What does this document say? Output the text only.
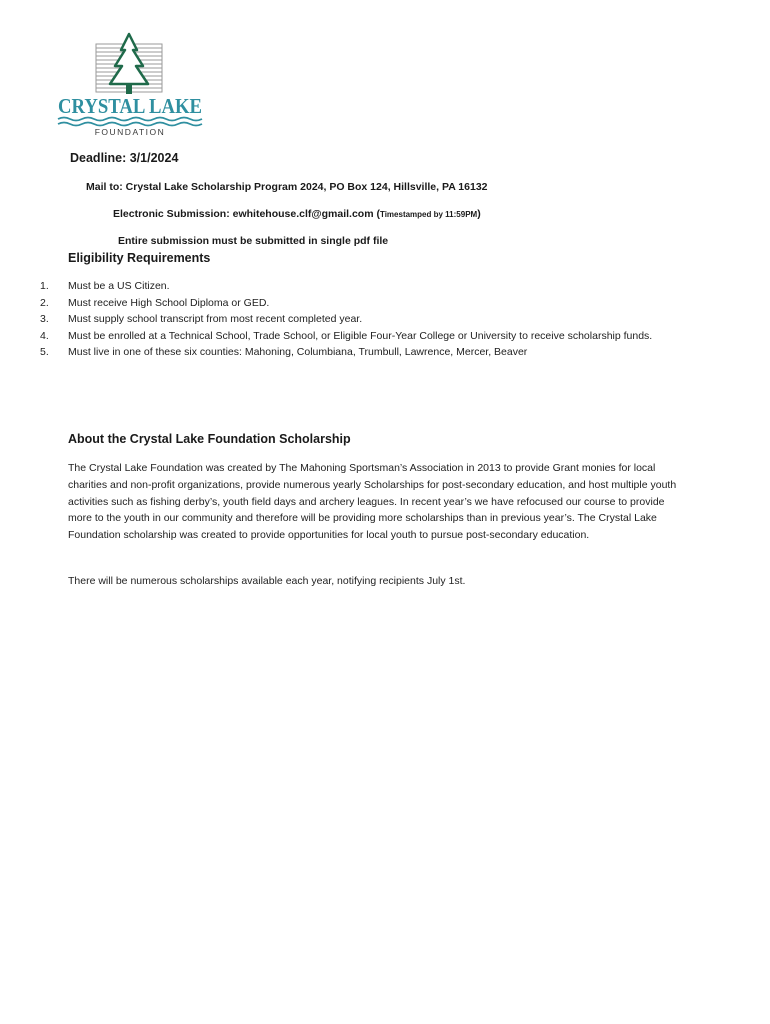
CRYSTAL LAKE
FOUNDATION
Deadline: 3/1/2024
Mail to: Crystal Lake Scholarship Program 2024, PO Box 124, Hillsville, PA 16132
Electronic Submission: ewhitehouse.clf@gmail.com (Timestamped by 11:59PM)
Entire submission must be submitted in single pdf file
Eligibility Requirements
1. Must be a US Citizen.
2. Must receive High School Diploma or GED.
3. Must supply school transcript from most recent completed year.
4. Must be enrolled at a Technical School, Trade School, or Eligible Four-Year College or University to receive scholarship funds.
5. Must live in one of these six counties: Mahoning, Columbiana, Trumbull, Lawrence, Mercer, Beaver
About the Crystal Lake Foundation Scholarship

The Crystal Lake Foundation was created by The Mahoning Sportsman’s Association in 2013 to provide Grant monies for local charities and non-profit organizations, provide numerous yearly Scholarships for post-secondary education, and host multiple youth activities such as fishing derby’s, youth field days and archery leagues. In recent year’s we have refocused our course to provide more to the youth in our community and therefore will be providing more scholarships than in previous year’s. The Crystal Lake Foundation scholarship was created to provide opportunities for local youth to pursue post-secondary education.

There will be numerous scholarships available each year, notifying recipients July 1st.
